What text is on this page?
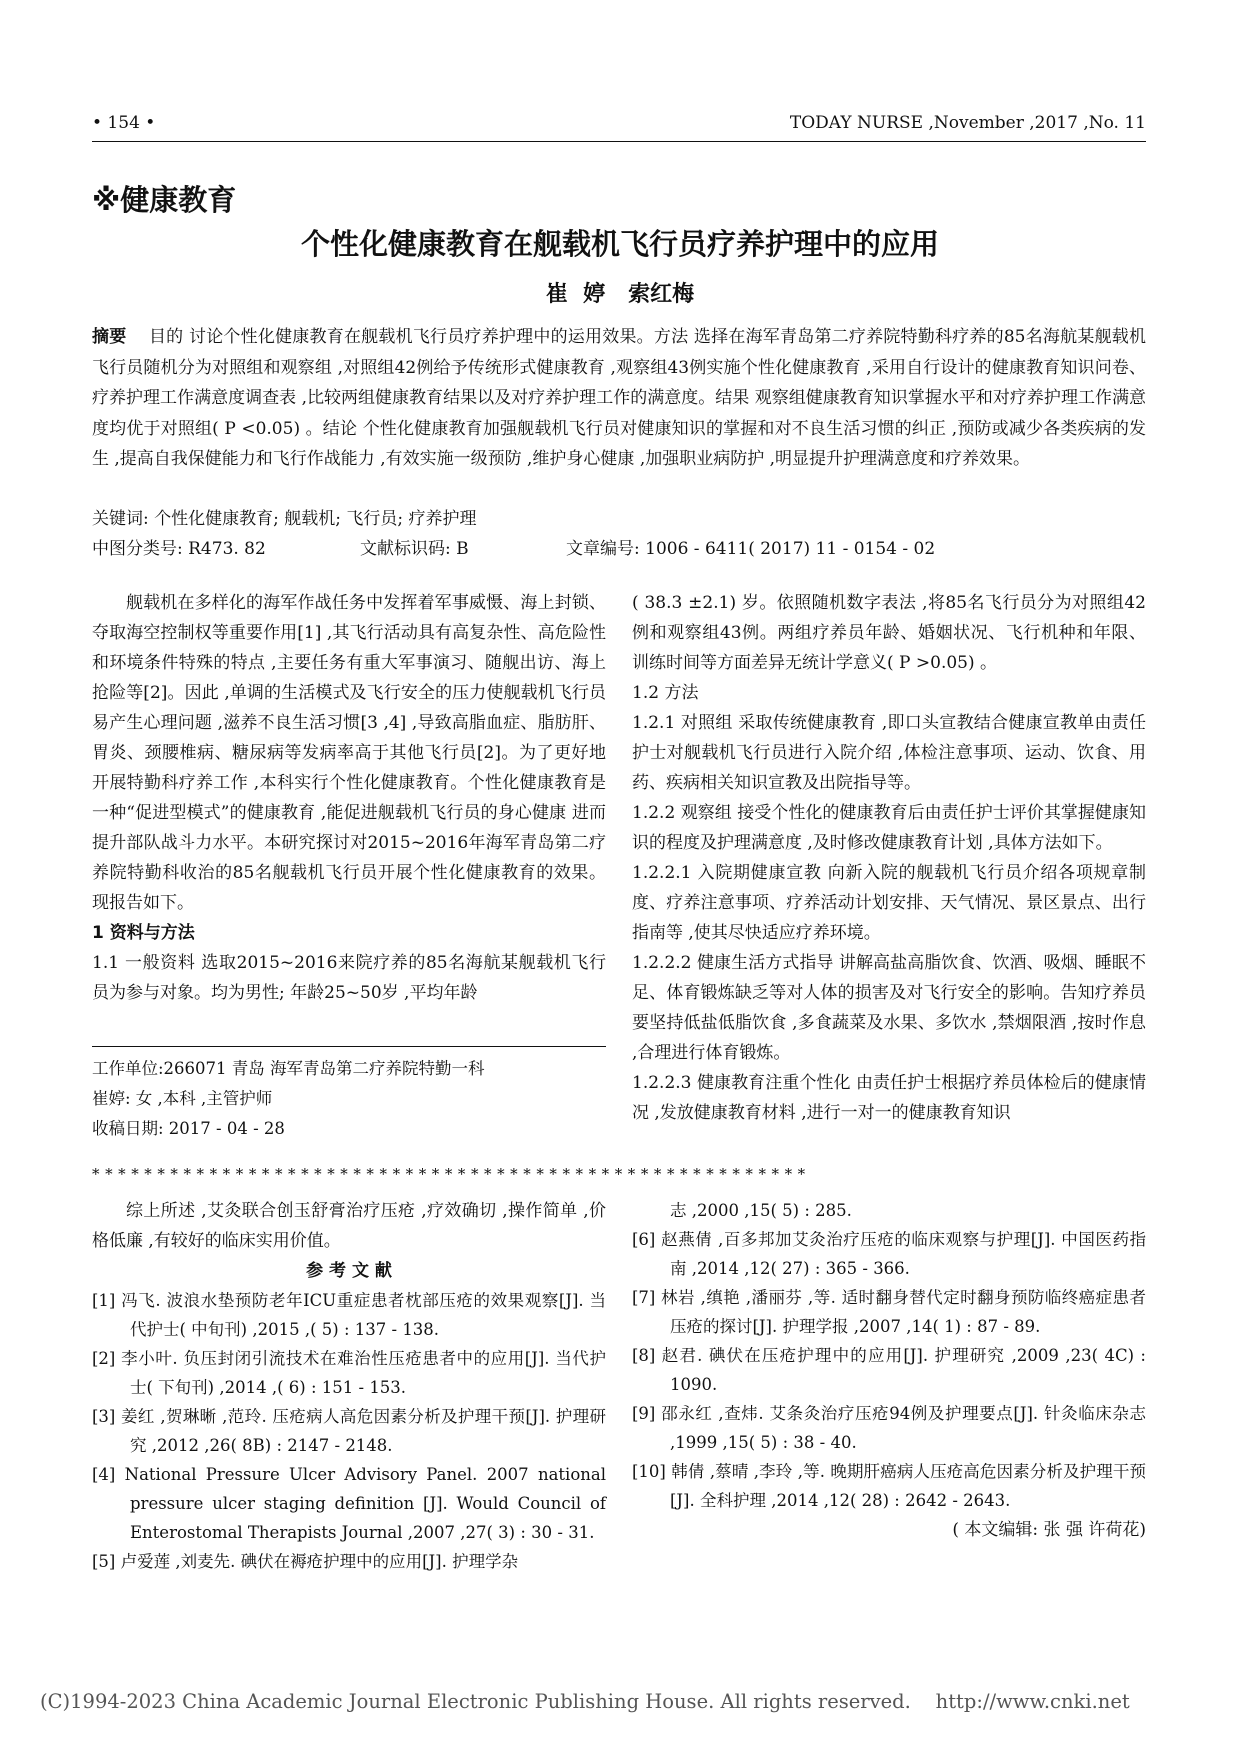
• 154 •	TODAY NURSE ,November ,2017 ,No. 11
※健康教育
个性化健康教育在舰载机飞行员疗养护理中的应用
崔  婷   索红梅

摘要 目的 讨论个性化健康教育在舰载机飞行员疗养护理中的运用效果。方法 选择在海军青岛第二疗养院特勤科疗养的85名海航某舰载机飞行员随机分为对照组和观察组 ,对照组42例给予传统形式健康教育 ,观察组43例实施个性化健康教育 ,采用自行设计的健康教育知识问卷、疗养护理工作满意度调查表 ,比较两组健康教育结果以及对疗养护理工作的满意度。结果 观察组健康教育知识掌握水平和对疗养护理工作满意度均优于对照组( P <0.05) 。结论 个性化健康教育加强舰载机飞行员对健康知识的掌握和对不良生活习惯的纠正 ,预防或减少各类疾病的发生 ,提高自我保健能力和飞行作战能力 ,有效实施一级预防 ,维护身心健康 ,加强职业病防护 ,明显提升护理满意度和疗养效果。

关键词: 个性化健康教育; 舰载机; 飞行员; 疗养护理
中图分类号: R473. 82	文献标识码: B	文章编号: 1006 - 6411( 2017) 11 - 0154 - 02

舰载机在多样化的海军作战任务中发挥着军事威慑、海上封锁、夺取海空控制权等重要作用[1] ,其飞行活动具有高复杂性、高危险性和环境条件特殊的特点 ,主要任务有重大军事演习、随舰出访、海上抢险等[2]。因此 ,单调的生活模式及飞行安全的压力使舰载机飞行员易产生心理问题 ,滋养不良生活习惯[3 ,4] ,导致高脂血症、脂肪肝、胃炎、颈腰椎病、糖尿病等发病率高于其他飞行员[2]。为了更好地开展特勤科疗养工作 ,本科实行个性化健康教育。个性化健康教育是一种“促进型模式”的健康教育 ,能促进舰载机飞行员的身心健康 进而提升部队战斗力水平。本研究探讨对2015~2016年海军青岛第二疗养院特勤科收治的85名舰载机飞行员开展个性化健康教育的效果。现报告如下。

1 资料与方法

1.1 一般资料 选取2015~2016来院疗养的85名海航某舰载机飞行员为参与对象。均为男性; 年龄25~50岁 ,平均年龄

工作单位:266071 青岛 海军青岛第二疗养院特勤一科
崔婷: 女 ,本科 ,主管护师
收稿日期: 2017 - 04 - 28

( 38.3 ±2.1) 岁。依照随机数字表法 ,将85名飞行员分为对照组42例和观察组43例。两组疗养员年龄、婚姻状况、飞行机种和年限、训练时间等方面差异无统计学意义( P >0.05) 。

1.2 方法

1.2.1 对照组 采取传统健康教育 ,即口头宣教结合健康宣教单由责任护士对舰载机飞行员进行入院介绍 ,体检注意事项、运动、饮食、用药、疾病相关知识宣教及出院指导等。

1.2.2 观察组 接受个性化的健康教育后由责任护士评价其掌握健康知识的程度及护理满意度 ,及时修改健康教育计划 ,具体方法如下。

1.2.2.1 入院期健康宣教 向新入院的舰载机飞行员介绍各项规章制度、疗养注意事项、疗养活动计划安排、天气情况、景区景点、出行指南等 ,使其尽快适应疗养环境。

1.2.2.2 健康生活方式指导 讲解高盐高脂饮食、饮酒、吸烟、睡眠不足、体育锻炼缺乏等对人体的损害及对飞行安全的影响。告知疗养员要坚持低盐低脂饮食 ,多食蔬菜及水果、多饮水 ,禁烟限酒 ,按时作息 ,合理进行体育锻炼。

1.2.2.3 健康教育注重个性化 由责任护士根据疗养员体检后的健康情况 ,发放健康教育材料 ,进行一对一的健康教育知识

* * * * * * * * * * * * * * * * * * * * * * * * * * * * * * * * * * * * * * * * * * * * * * * * * * * * * * *

综上所述 ,艾灸联合创玉舒膏治疗压疮 ,疗效确切 ,操作简单 ,价格低廉 ,有较好的临床实用价值。

参 考 文 献

[1] 冯飞. 波浪水垫预防老年ICU重症患者枕部压疮的效果观察[J]. 当代护士( 中旬刊) ,2015 ,( 5) : 137 - 138.

[2] 李小叶. 负压封闭引流技术在难治性压疮患者中的应用[J]. 当代护士( 下旬刊) ,2014 ,( 6) : 151 - 153.

[3] 姜红 ,贺琳晰 ,范玲. 压疮病人高危因素分析及护理干预[J]. 护理研究 ,2012 ,26( 8B) : 2147 - 2148.

[4] National Pressure Ulcer Advisory Panel. 2007 national pressure ulcer staging definition [J]. Would Council of Enterostomal Therapists Journal ,2007 ,27( 3) : 30 - 31.

[5] 卢爱莲 ,刘麦先. 碘伏在褥疮护理中的应用[J]. 护理学杂

志 ,2000 ,15( 5) : 285.

[6] 赵燕倩 ,百多邦加艾灸治疗压疮的临床观察与护理[J]. 中国医药指南 ,2014 ,12( 27) : 365 - 366.

[7] 林岩 ,缜艳 ,潘丽芬 ,等. 适时翻身替代定时翻身预防临终癌症患者压疮的探讨[J]. 护理学报 ,2007 ,14( 1) : 87 - 89.

[8] 赵君. 碘伏在压疮护理中的应用[J]. 护理研究 ,2009 ,23( 4C) : 1090.

[9] 邵永红 ,查炜. 艾条灸治疗压疮94例及护理要点[J]. 针灸临床杂志 ,1999 ,15( 5) : 38 - 40.

[10] 韩倩 ,蔡晴 ,李玲 ,等. 晚期肝癌病人压疮高危因素分析及护理干预[J]. 全科护理 ,2014 ,12( 28) : 2642 - 2643.

( 本文编辑: 张 强 许荷花)

(C)1994-2023 China Academic Journal Electronic Publishing House. All rights reserved.    http://www.cnki.net
